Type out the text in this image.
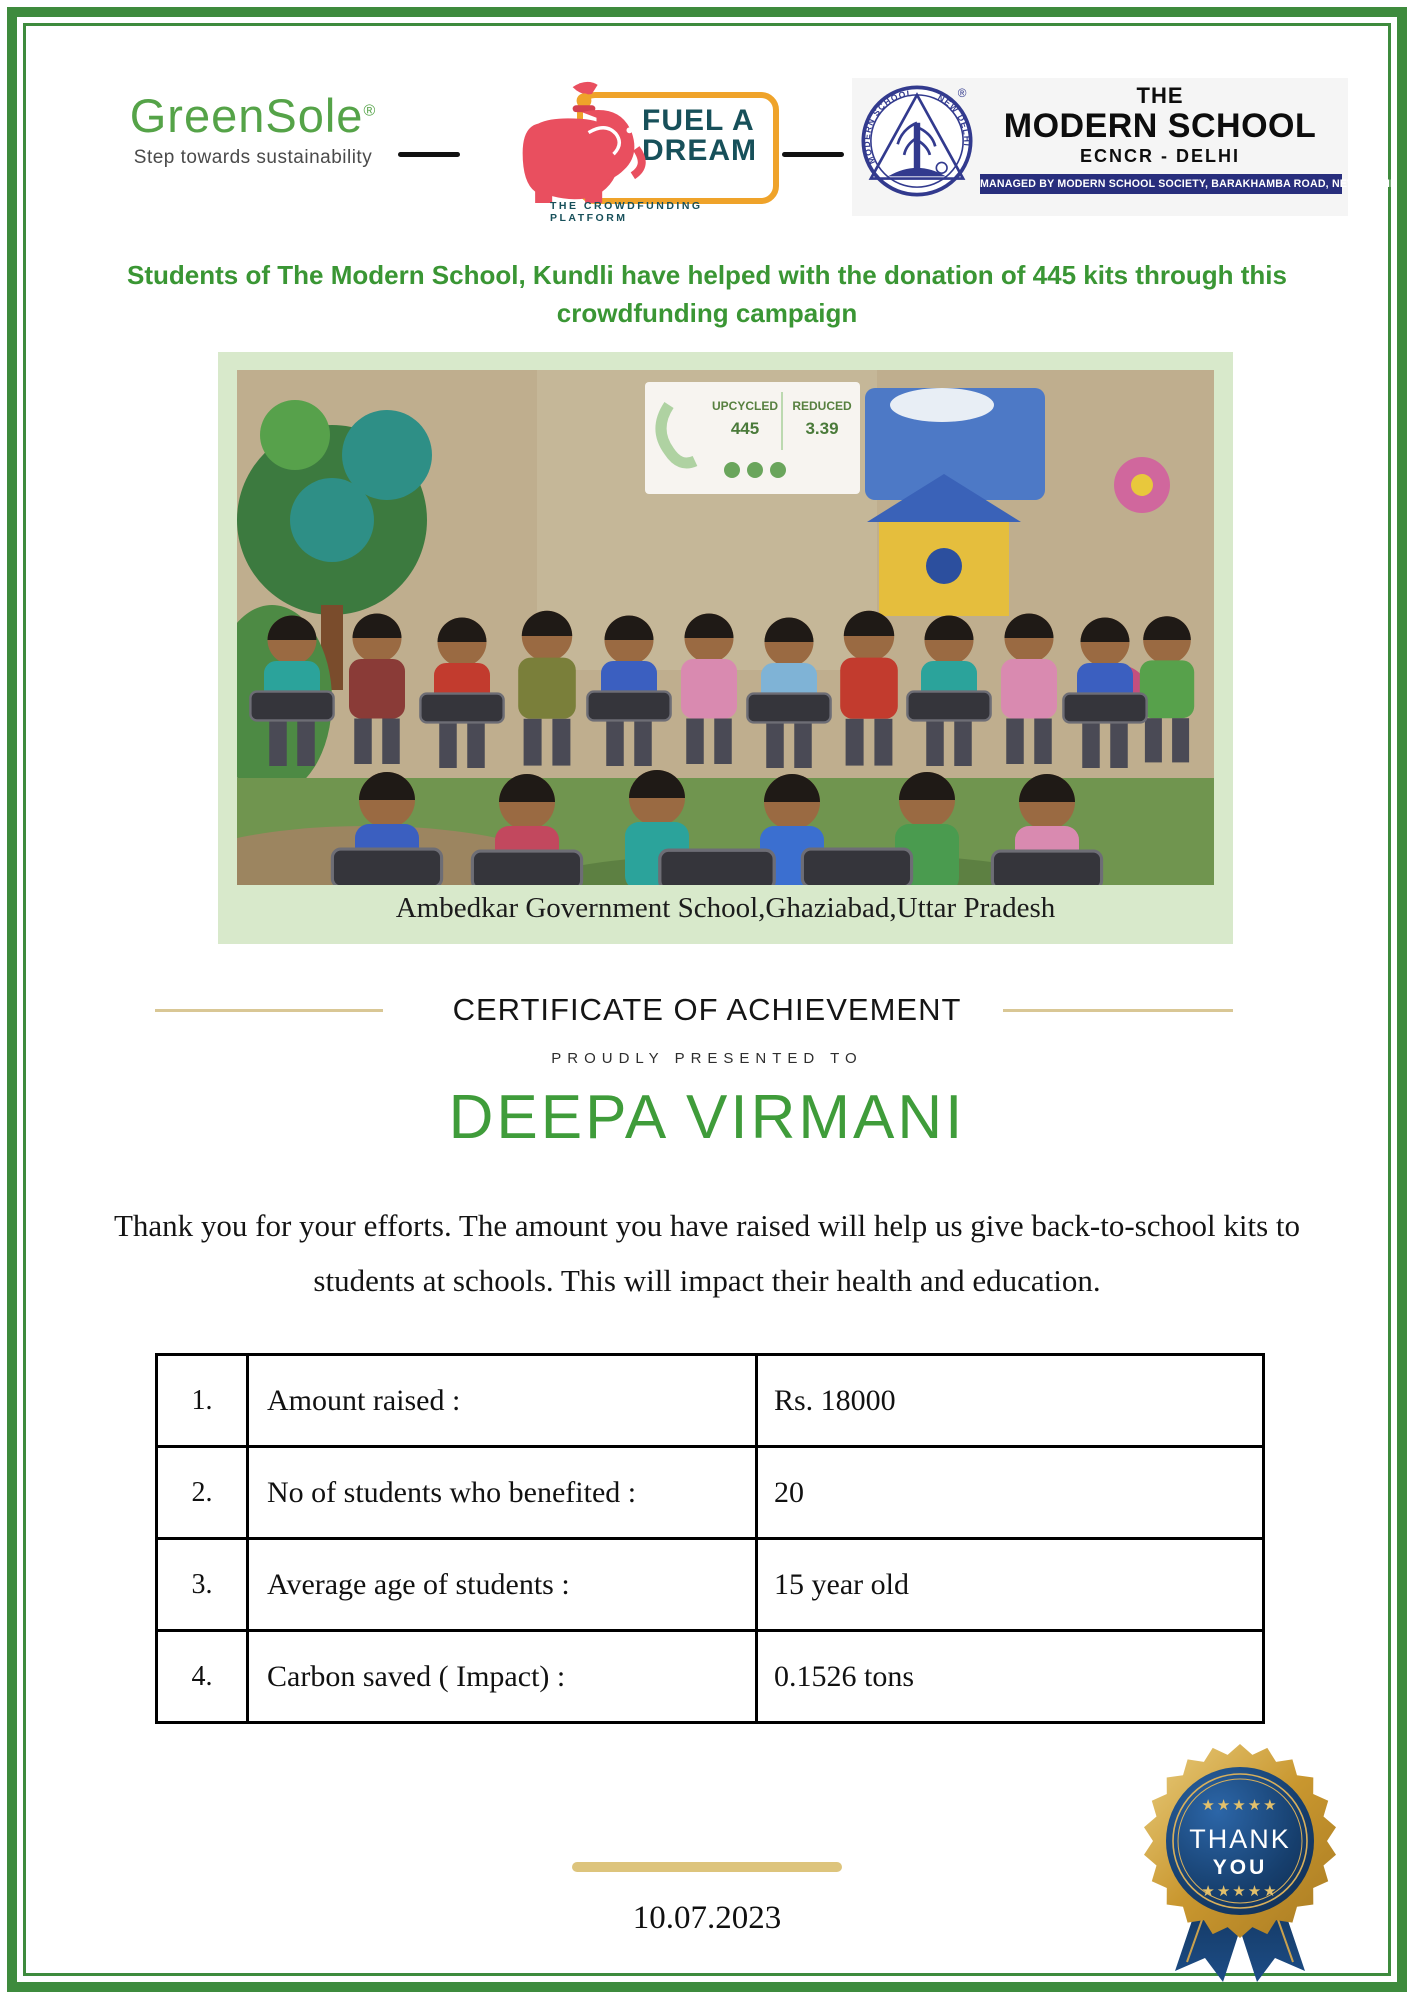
GreenSole®
Step towards sustainability
FUEL A
DREAM
THE CROWDFUNDING PLATFORM
MODERN SCHOOL	NEW DELHI
®	THE
MODERN SCHOOL
ECNCR - DELHI
MANAGED BY MODERN SCHOOL SOCIETY, BARAKHAMBA ROAD, NEW DELHI
Students of The Modern School, Kundli have helped with the donation of 445 kits through this crowdfunding campaign
UPCYCLED
445
REDUCED
3.39
Ambedkar Government School,Ghaziabad,Uttar Pradesh
CERTIFICATE OF ACHIEVEMENT
PROUDLY PRESENTED TO
DEEPA VIRMANI
Thank you for your efforts. The amount you have raised will help us give back-to-school kits to students at schools. This will impact their health and education.
1.	Amount raised :	Rs. 18000
2.	No of students who benefited :	20
3.	Average age of students :	15 year old
4.	Carbon saved ( Impact) :	0.1526 tons
★★★★★
THANK
YOU
★★★★★
10.07.2023
